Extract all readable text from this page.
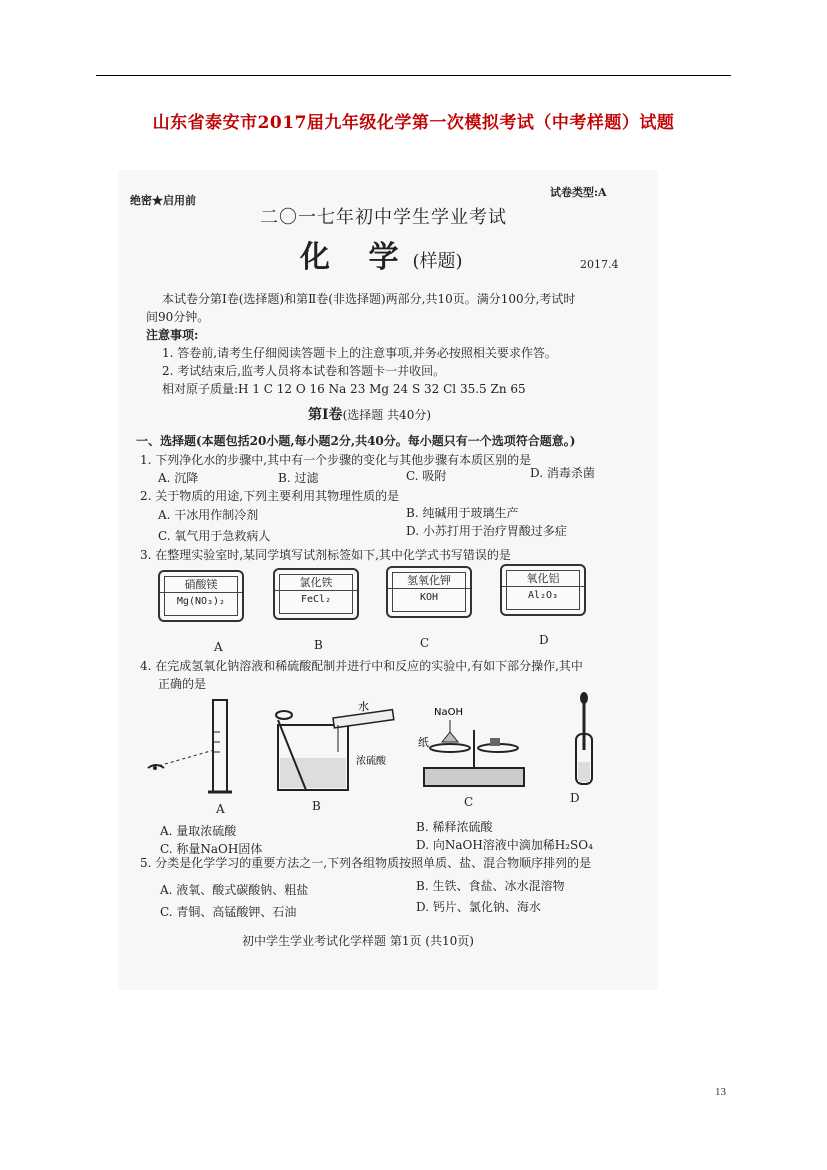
山东省泰安市2017届九年级化学第一次模拟考试（中考样题）试题
绝密★启用前
试卷类型:A
二〇一七年初中学生学业考试
化 学(样题)	2017.4
本试卷分第Ⅰ卷(选择题)和第Ⅱ卷(非选择题)两部分,共10页。满分100分,考试时
间90分钟。
注意事项:
1. 答卷前,请考生仔细阅读答题卡上的注意事项,并务必按照相关要求作答。
2. 考试结束后,监考人员将本试卷和答题卡一并收回。
相对原子质量:H 1 C 12 O 16 Na 23 Mg 24 S 32 Cl 35.5 Zn 65
第Ⅰ卷(选择题 共40分)
一、选择题(本题包括20小题,每小题2分,共40分。每小题只有一个选项符合题意。)
1. 下列净化水的步骤中,其中有一个步骤的变化与其他步骤有本质区别的是
A. 沉降	B. 过滤	C. 吸附	D. 消毒杀菌
2. 关于物质的用途,下列主要利用其物理性质的是
A. 干冰用作制冷剂	B. 纯碱用于玻璃生产
C. 氧气用于急救病人	D. 小苏打用于治疗胃酸过多症
3. 在整理实验室时,某同学填写试剂标签如下,其中化学式书写错误的是
硝酸镁
Mg(NO₃)₂
氯化铁
FeCl₂
氢氧化钾
KOH
氧化铝
Al₂O₃
A	B	C	D
4. 在完成氢氧化钠溶液和稀硫酸配制并进行中和反应的实验中,有如下部分操作,其中
正确的是
水
浓硫酸
NaOH
纸
A	B	C	D
A. 量取浓硫酸	B. 稀释浓硫酸
C. 称量NaOH固体	D. 向NaOH溶液中滴加稀H₂SO₄
5. 分类是化学学习的重要方法之一,下列各组物质按照单质、盐、混合物顺序排列的是
A. 液氧、酸式碳酸钠、粗盐	B. 生铁、食盐、冰水混溶物
C. 青铜、高锰酸钾、石油	D. 钙片、氯化钠、海水
初中学生学业考试化学样题 第1页 (共10页)
13
